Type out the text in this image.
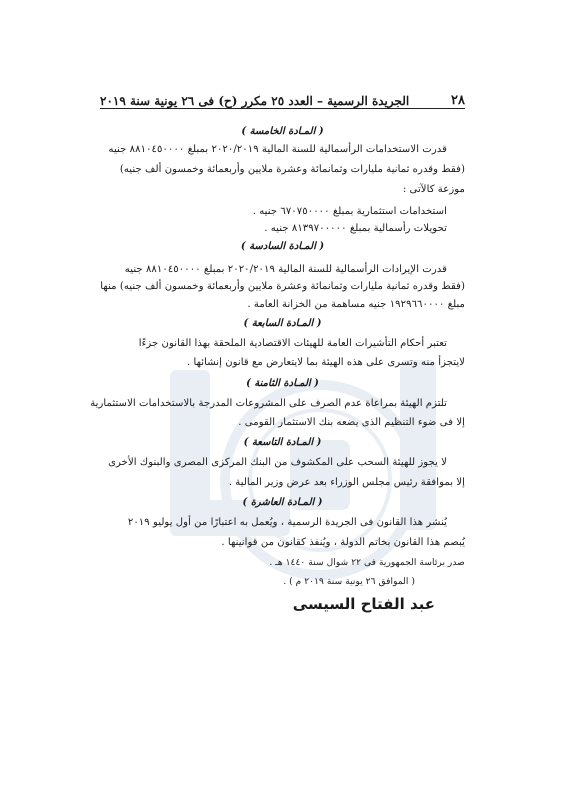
٢٨
الجريدة الرسمية – العدد ٢٥ مكرر (ح) فى ٢٦ يونية سنة ٢٠١٩
( المـادة الخامسة )
قدرت الاستخدامات الرأسمالية للسنة المالية ٢٠٢٠/٢٠١٩ بمبلغ ٨٨١٠٤٥٠٠٠٠ جنيه
(فقط وقدره ثمانية مليارات وثمانمائة وعشرة ملايين وأربعمائة وخمسون ألف جنيه)
موزعة كالآتى :
استخدامات استثمارية بمبلغ ٦٧٠٧٥٠٠٠٠ جنيه .
تحويلات رأسمالية بمبلغ ٨١٣٩٧٠٠٠٠٠ جنيه .
( المـادة السادسة )
قدرت الإيرادات الرأسمالية للسنة المالية ٢٠٢٠/٢٠١٩ بمبلغ ٨٨١٠٤٥٠٠٠٠ جنيه
(فقط وقدره ثمانية مليارات وثمانمائة وعشرة ملايين وأربعمائة وخمسون ألف جنيه) منها
مبلغ ١٩٢٩٦٦٠٠٠٠ جنيه مساهمة من الخزانة العامة .
( المـادة السابعة )
تعتبر أحكام التأشيرات العامة للهيئات الاقتصادية الملحقة بهذا القانون جزءًا
لايتجزأ منه وتسرى على هذه الهيئة بما لايتعارض مع قانون إنشائها .
( المـادة الثامنة )
تلتزم الهيئة بمراعاة عدم الصرف على المشروعات المدرجة بالاستخدامات الاستثمارية
إلا فى ضوء التنظيم الذى يضعه بنك الاستثمار القومى .
( المـادة التاسعة )
لا يجوز للهيئة السحب على المكشوف من البنك المركزى المصرى والبنوك الأخرى
إلا بموافقة رئيس مجلس الوزراء بعد عرض وزير المالية .
( المـادة العاشرة )
يُنشر هذا القانون فى الجريدة الرسمية ، ويُعمل به اعتبارًا من أول يوليو ٢٠١٩
يُبصم هذا القانون بخاتم الدولة ، ويُنفذ كقانون من قوانينها .
صدر برئاسة الجمهورية فى ٢٢ شوال سنة ١٤٤٠ هـ .
( الموافق ٢٦ يونية سنة ٢٠١٩ م ) .
عبد الفتاح السيسى
